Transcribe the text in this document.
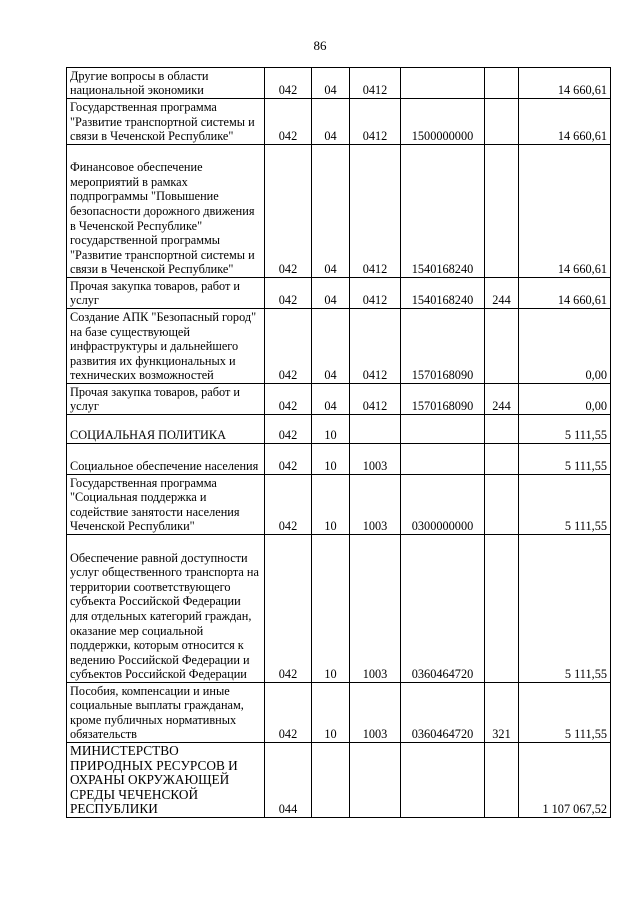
86
Другие вопросы в области национальной экономики	042	04	0412			14 660,61
Государственная программа "Развитие транспортной системы и связи в Чеченской Республике"	042	04	0412	1500000000		14 660,61
Финансовое обеспечение мероприятий в рамках подпрограммы "Повышение безопасности дорожного движения в Чеченской Республике" государственной программы "Развитие транспортной системы и связи в Чеченской Республике"	042	04	0412	1540168240		14 660,61
Прочая закупка товаров, работ и услуг	042	04	0412	1540168240	244	14 660,61
Создание АПК "Безопасный город" на базе существующей инфраструктуры и дальнейшего развития их функциональных и технических возможностей	042	04	0412	1570168090		0,00
Прочая закупка товаров, работ и услуг	042	04	0412	1570168090	244	0,00
СОЦИАЛЬНАЯ ПОЛИТИКА	042	10				5 111,55
Социальное обеспечение населения	042	10	1003			5 111,55
Государственная программа "Социальная поддержка и содействие занятости населения Чеченской Республики"	042	10	1003	0300000000		5 111,55
Обеспечение равной доступности услуг общественного транспорта на территории соответствующего субъекта Российской Федерации для отдельных категорий граждан, оказание мер социальной поддержки, которым относится к ведению Российской Федерации и субъектов Российской Федерации	042	10	1003	0360464720		5 111,55
Пособия, компенсации и иные социальные выплаты гражданам, кроме публичных нормативных обязательств	042	10	1003	0360464720	321	5 111,55
МИНИСТЕРСТВО ПРИРОДНЫХ РЕСУРСОВ И ОХРАНЫ ОКРУЖАЮЩЕЙ СРЕДЫ ЧЕЧЕНСКОЙ РЕСПУБЛИКИ	044					1 107 067,52
